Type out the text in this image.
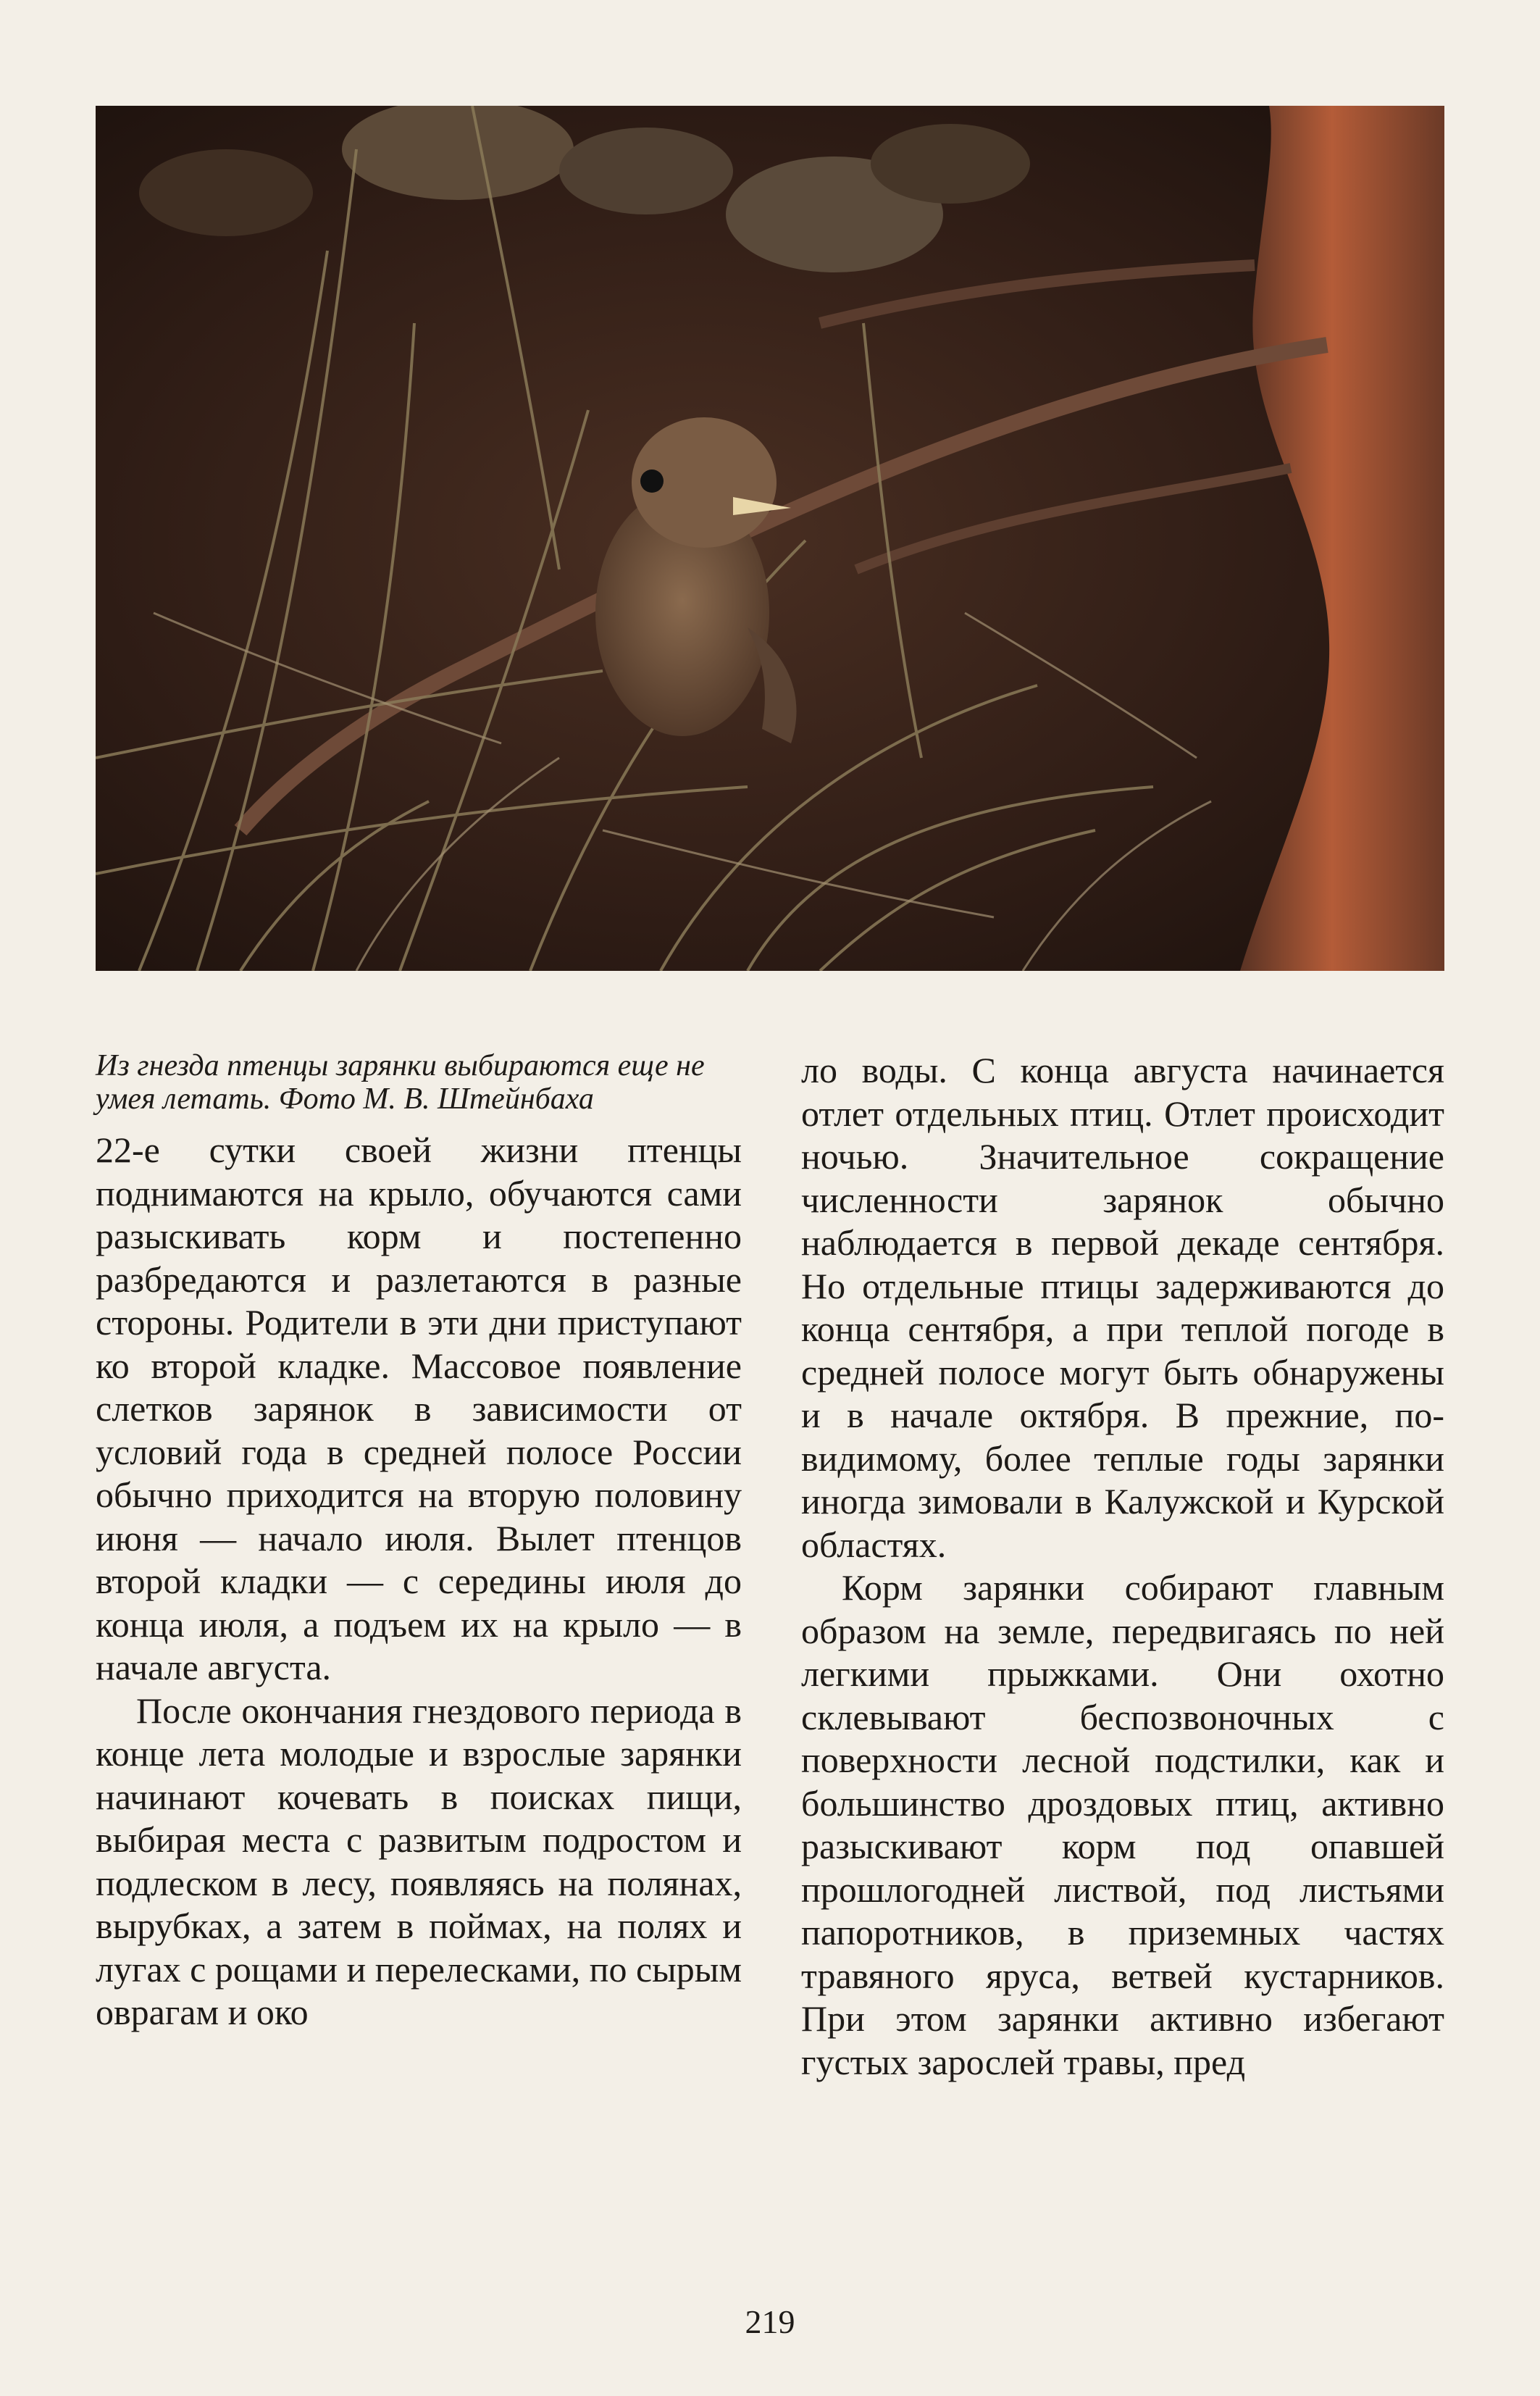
Из гнезда птенцы зарянки выбираются еще не умея летать. Фото М. В. Штейнбаха

22-е сутки своей жизни птенцы поднимаются на крыло, обучаются сами разыскивать корм и постепенно разбредаются и разлетаются в разные стороны. Родители в эти дни приступают ко второй кладке. Массовое появление слетков зарянок в зависимости от условий года в средней полосе России обычно приходится на вторую половину июня — начало июля. Вылет птенцов второй кладки — с середины июля до конца июля, а подъем их на крыло — в начале августа.

После окончания гнездового периода в конце лета молодые и взрослые зарянки начинают кочевать в поисках пищи, выбирая места с развитым подростом и подлеском в лесу, появляясь на полянах, вырубках, а затем в поймах, на полях и лугах с рощами и перелесками, по сырым оврагам и око

ло воды. С конца августа начинается отлет отдельных птиц. Отлет происходит ночью. Значительное сокращение численности зарянок обычно наблюдается в первой декаде сентября. Но отдельные птицы задерживаются до конца сентября, а при теплой погоде в средней полосе могут быть обнаружены и в начале октября. В прежние, по-видимому, более теплые годы зарянки иногда зимовали в Калужской и Курской областях.

Корм зарянки собирают главным образом на земле, передвигаясь по ней легкими прыжками. Они охотно склевывают беспозвоночных с поверхности лесной подстилки, как и большинство дроздовых птиц, активно разыскивают корм под опавшей прошлогодней листвой, под листьями папоротников, в приземных частях травяного яруса, ветвей кустарников. При этом зарянки активно избегают густых зарослей травы, пред

219
